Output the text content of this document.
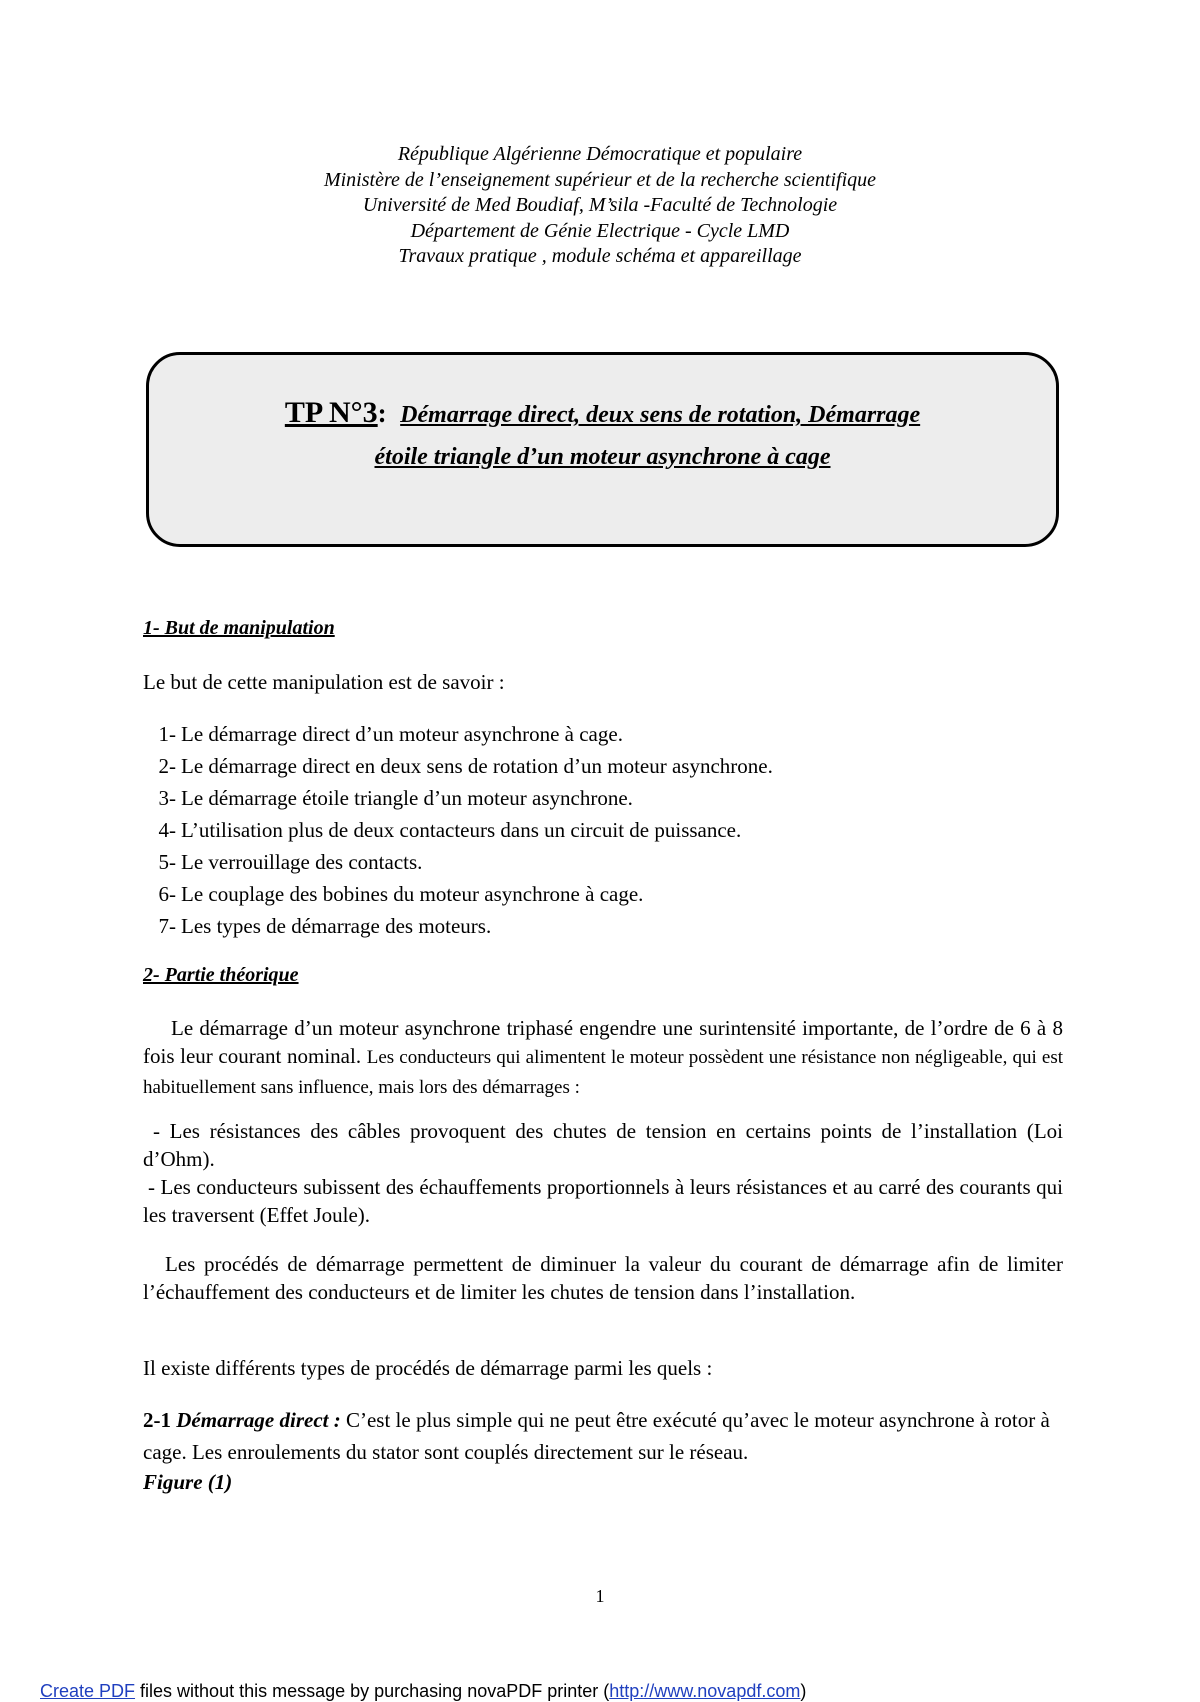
République Algérienne Démocratique et populaire
Ministère de l’enseignement supérieur et de la recherche scientifique
Université de Med Boudiaf, M’sila -Faculté de Technologie
Département de Génie Electrique - Cycle LMD
Travaux pratique , module schéma et appareillage
TP N°3: Démarrage direct, deux sens de rotation, Démarrage
étoile triangle d’un moteur asynchrone à cage
1- But de manipulation
Le but de cette manipulation est de savoir :
1- Le démarrage direct d’un moteur asynchrone à cage.
2- Le démarrage direct en deux sens de rotation d’un moteur asynchrone.
3- Le démarrage étoile triangle d’un moteur asynchrone.
4- L’utilisation plus de deux contacteurs dans un circuit de puissance.
5- Le verrouillage des contacts.
6- Le couplage des bobines du moteur asynchrone à cage.
7- Les types de démarrage des moteurs.
2- Partie théorique
Le démarrage d’un moteur asynchrone triphasé engendre une surintensité importante, de l’ordre de 6 à 8 fois leur courant nominal. Les conducteurs qui alimentent le moteur possèdent une résistance non négligeable, qui est habituellement sans influence, mais lors des démarrages :
- Les résistances des câbles provoquent des chutes de tension en certains points de l’installation (Loi d’Ohm).
- Les conducteurs subissent des échauffements proportionnels à leurs résistances et au carré des courants qui les traversent (Effet Joule).
Les procédés de démarrage permettent de diminuer la valeur du courant de démarrage afin de limiter l’échauffement des conducteurs et de limiter les chutes de tension dans l’installation.
Il existe différents types de procédés de démarrage parmi les quels :
2-1 Démarrage direct : C’est le plus simple qui ne peut être exécuté qu’avec le moteur asynchrone à rotor à cage. Les enroulements du stator sont couplés directement sur le réseau.
Figure (1)
1
Create PDF files without this message by purchasing novaPDF printer (http://www.novapdf.com)
